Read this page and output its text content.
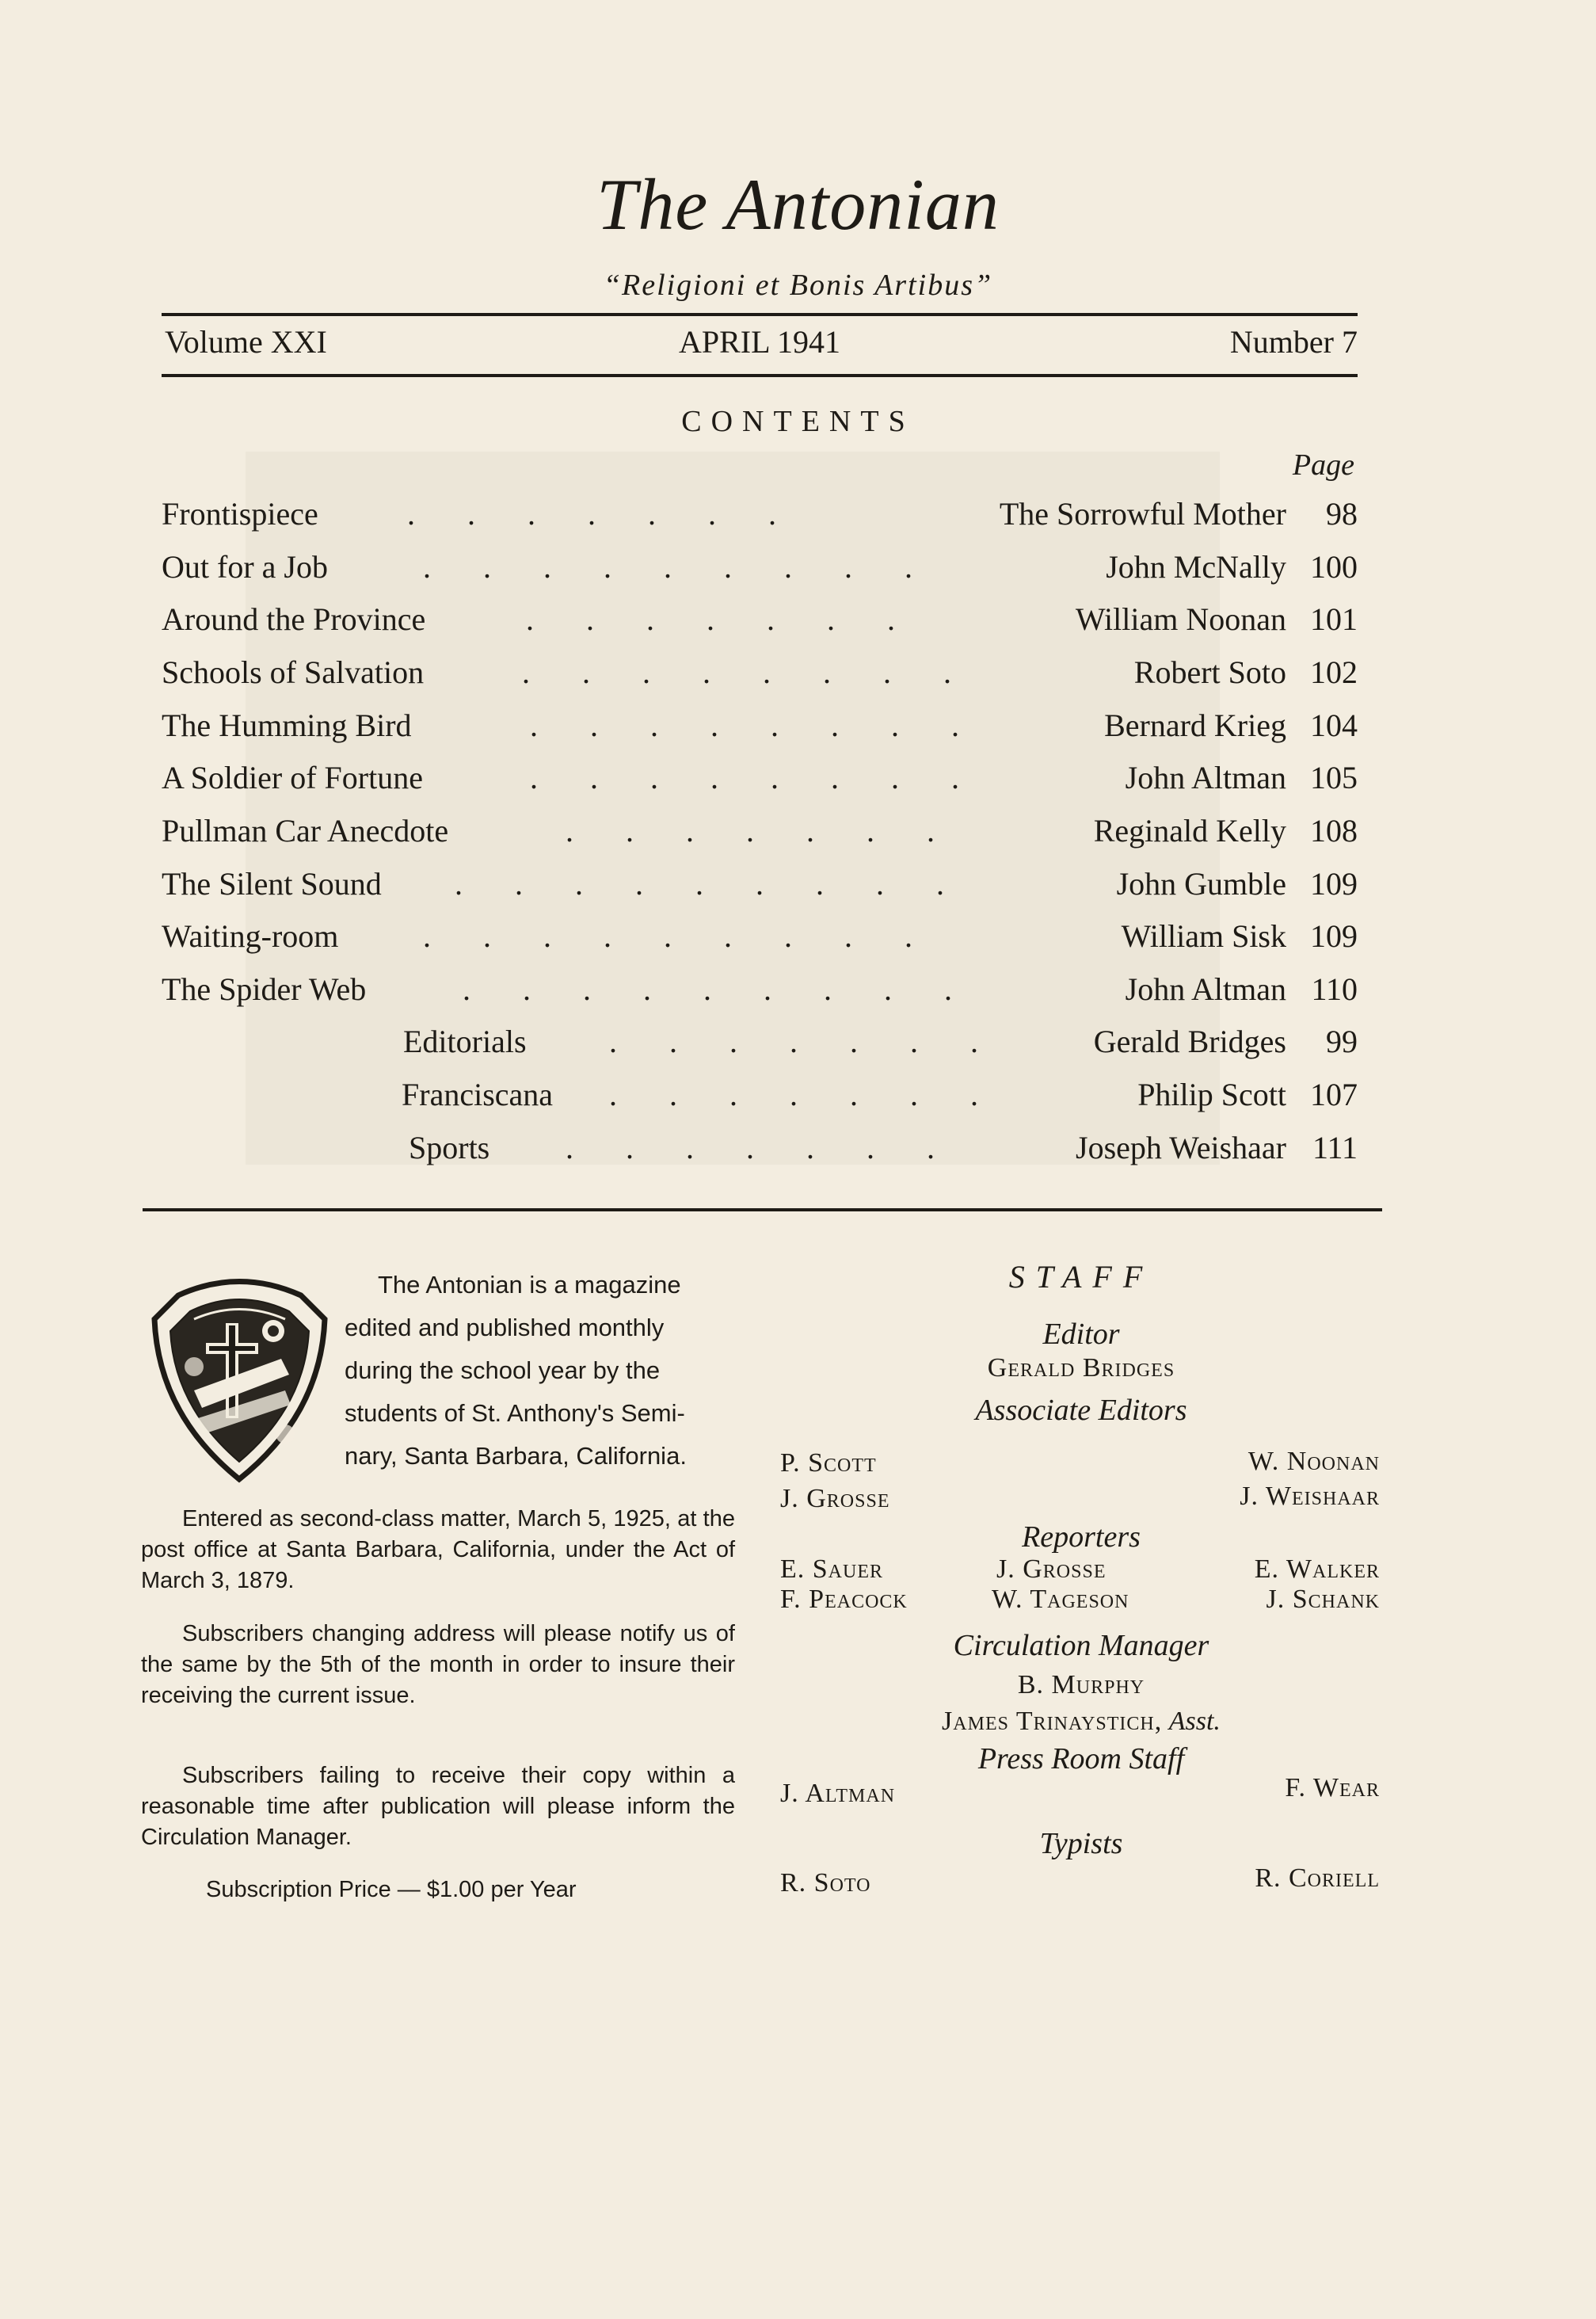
The Antonian
“Religioni et Bonis Artibus”
Volume XXI	APRIL 1941	Number 7
CONTENTS
Page
Frontispiece	. . . . . . .	The Sorrowful Mother 98
Out for a Job	. . . . . . . . .	John McNally 100
Around the Province	. . . . . . .	William Noonan 101
Schools of Salvation	. . . . . . . .	Robert Soto 102
The Humming Bird	. . . . . . . .	Bernard Krieg 104
A Soldier of Fortune	. . . . . . . .	John Altman 105
Pullman Car Anecdote	. . . . . . .	Reginald Kelly 108
The Silent Sound . . . . . . . . .	John Gumble 109
Waiting-room	. . . . . . . . .	William Sisk 109
The Spider Web	. . . . . . . . .	John Altman 110
Editorials	. . . . . . .	Gerald Bridges 99
Franciscana . . . . . . .	Philip Scott 107
Sports . . . . . . .	Joseph Weishaar 111
The Antonian is a magazine
edited and published monthly
during the school year by the
students of St. Anthony's Semi-
nary, Santa Barbara, California.
Entered as second-class matter, March 5, 1925, at the post office at Santa Barbara, California, under the Act of March 3, 1879.
Subscribers changing address will please notify us of the same by the 5th of the month in order to insure their receiving the current issue.
Subscribers failing to receive their copy within a reasonable time after publication will please inform the Circulation Manager.
Subscription Price — $1.00 per Year
STAFF
Editor
Gerald Bridges
Associate Editors
P. Scott	W. Noonan
J. Grosse	J. Weishaar
Reporters
E. Sauer	J. Grosse	E. Walker
F. Peacock	W. Tageson	J. Schank
Circulation Manager
B. Murphy
James Trinaystich, Asst.
Press Room Staff
J. Altman	F. Wear
Typists
R. Soto	R. Coriell
